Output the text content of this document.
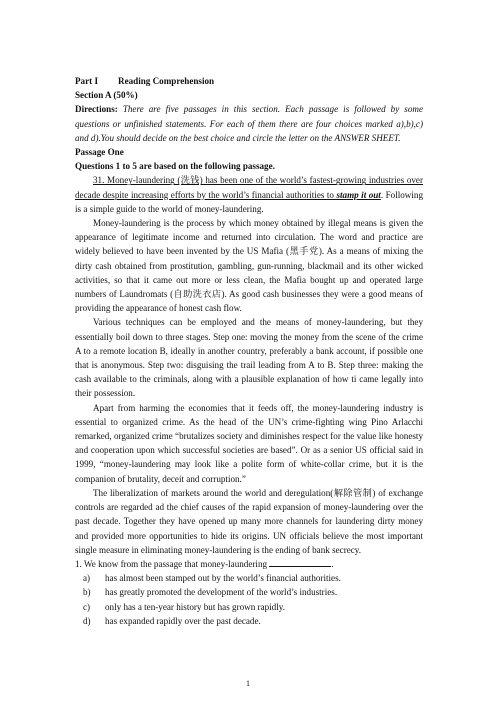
Part I	Reading Comprehension
Section A (50%)

Directions: There are five passages in this section. Each passage is followed by some questions or unfinished statements. For each of them there are four choices marked a),b),c) and d).You should decide on the best choice and circle the letter on the ANSWER SHEET.

Passage One
Questions 1 to 5 are based on the following passage.

31. Money-laundering (洗钱) has been one of the world’s fastest-growing industries over decade despite increasing efforts by the world’s financial authorities to stamp it out. Following is a simple guide to the world of money-laundering.

Money-laundering is the process by which money obtained by illegal means is given the appearance of legitimate income and returned into circulation. The word and practice are widely believed to have been invented by the US Mafia (黑手党). As a means of mixing the dirty cash obtained from prostitution, gambling, gun-running, blackmail and its other wicked activities, so that it came out more or less clean, the Mafia bought up and operated large numbers of Laundromats (自助洗衣店). As good cash businesses they were a good means of providing the appearance of honest cash flow.

Various techniques can be employed and the means of money-laundering, but they essentially boil down to three stages. Step one: moving the money from the scene of the crime A to a remote location B, ideally in another country, preferably a bank account, if possible one that is anonymous. Step two: disguising the trail leading from A to B. Step three: making the cash available to the criminals, along with a plausible explanation of how ti came legally into their possession.

Apart from harming the economies that it feeds off, the money-laundering industry is essential to organized crime. As the head of the UN’s crime-fighting wing Pino Arlacchi remarked, organized crime “brutalizes society and diminishes respect for the value like honesty and cooperation upon which successful societies are based”. Or as a senior US official said in 1999, “money-laundering may look like a polite form of white-collar crime, but it is the companion of brutality, deceit and corruption.”

The liberalization of markets around the world and deregulation(解除管制) of exchange controls are regarded ad the chief causes of the rapid expansion of money-laundering over the past decade. Together they have opened up many more channels for laundering dirty money and provided more opportunities to hide its origins. UN officials believe the most important single measure in eliminating money-laundering is the ending of bank secrecy.

1. We know from the passage that money-laundering	.
a)	has almost been stamped out by the world’s financial authorities.
b)	has greatly promoted the development of the world’s industries.
c)	only has a ten-year history but has grown rapidly.
d)	has expanded rapidly over the past decade.
1
